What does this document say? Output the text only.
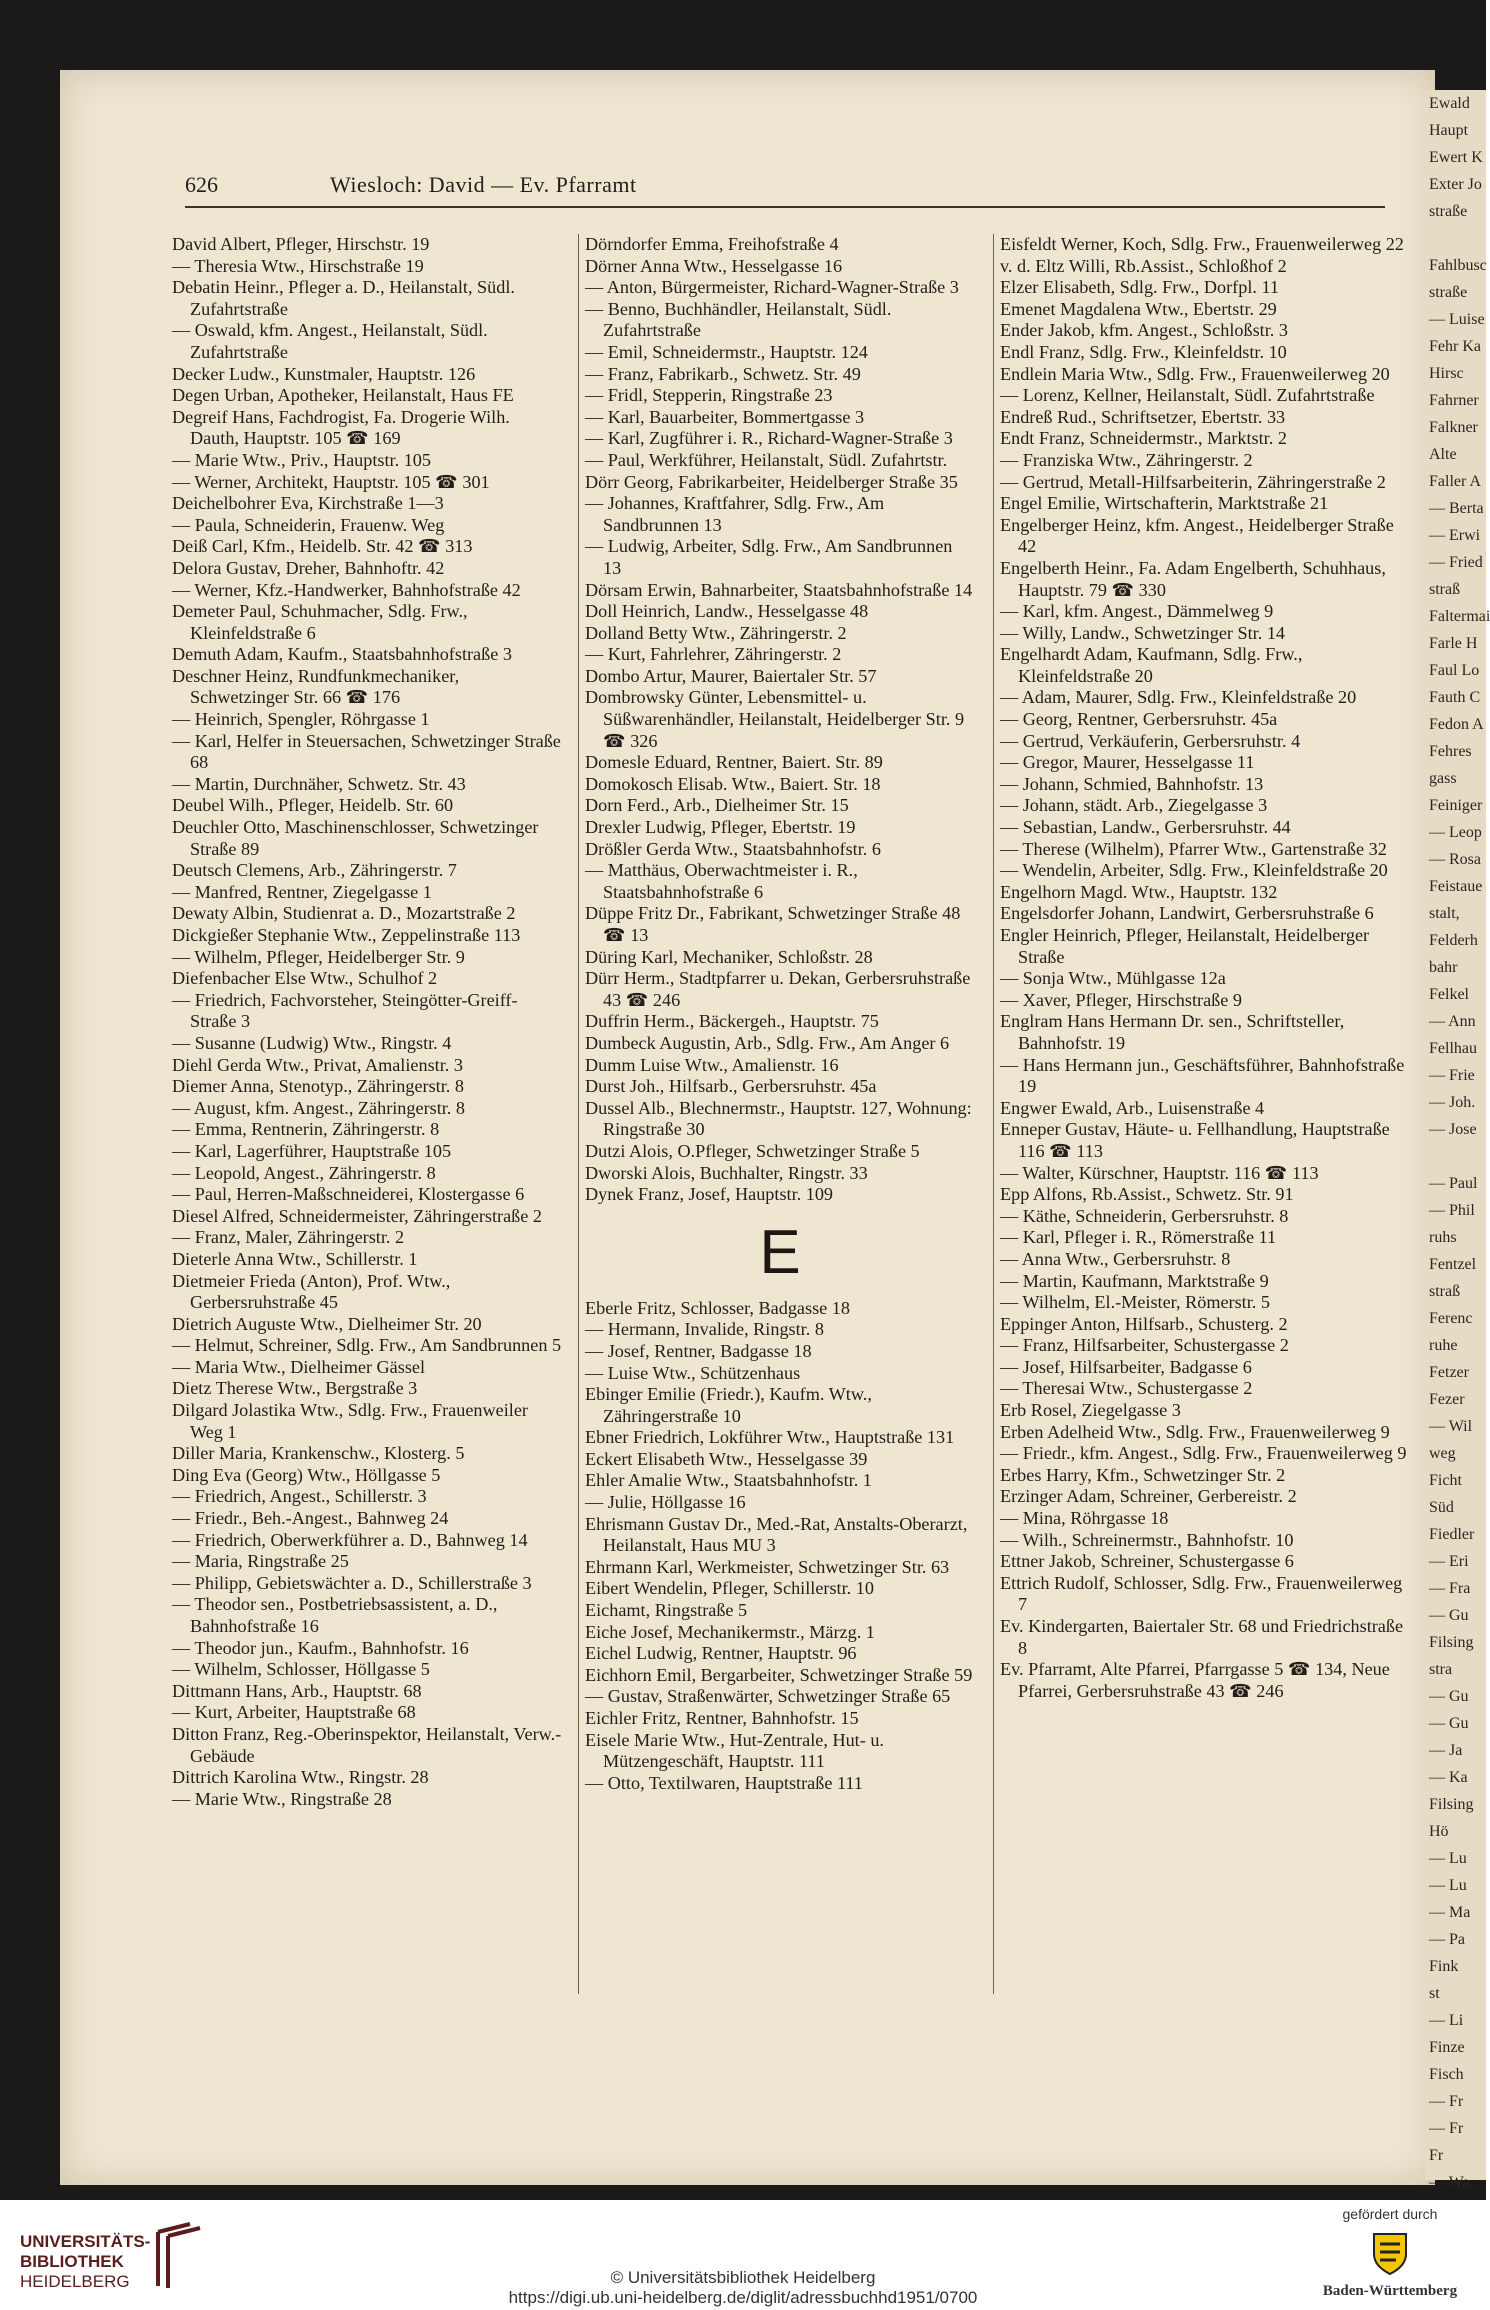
Ewald
Haupt
Ewert K
Exter Jo
straße

Fahlbusc
straße
— Luise
Fehr Ka
Hirsc
Fahrner
Falkner
Alte
Faller A
— Berta
— Erwi
— Fried
straß
Faltermai
Farle H
Faul Lo
Fauth C
Fedon A
Fehres
gass
Feiniger
— Leop
— Rosa
Feistaue
stalt,
Felderh
bahr
Felkel
— Ann
Fellhau
— Frie
— Joh.
— Jose

— Paul
— Phil
ruhs
Fentzel
straß
Ferenc
ruhe
Fetzer
Fezer
— Wil
weg
Ficht
Süd
Fiedler
— Eri
— Fra
— Gu
Filsing
stra
— Gu
— Gu
— Ja
— Ka
Filsing
Hö
— Lu
— Lu
— Ma
— Pa
Fink
st
— Li
Finze
Fisch
— Fr
— Fr
Fr
— Wa
626	Wiesloch: David — Ev. Pfarramt
David Albert, Pfleger, Hirschstr. 19
— Theresia Wtw., Hirschstraße 19
Debatin Heinr., Pfleger a. D., Heilanstalt, Südl. Zufahrtstraße
— Oswald, kfm. Angest., Heilanstalt, Südl. Zufahrtstraße
Decker Ludw., Kunstmaler, Hauptstr. 126
Degen Urban, Apotheker, Heilanstalt, Haus FE
Degreif Hans, Fachdrogist, Fa. Drogerie Wilh. Dauth, Hauptstr. 105 ☎ 169
— Marie Wtw., Priv., Hauptstr. 105
— Werner, Architekt, Hauptstr. 105 ☎ 301
Deichelbohrer Eva, Kirchstraße 1—3
— Paula, Schneiderin, Frauenw. Weg
Deiß Carl, Kfm., Heidelb. Str. 42 ☎ 313
Delora Gustav, Dreher, Bahnhoftr. 42
— Werner, Kfz.-Handwerker, Bahnhofstraße 42
Demeter Paul, Schuhmacher, Sdlg. Frw., Kleinfeldstraße 6
Demuth Adam, Kaufm., Staatsbahnhofstraße 3
Deschner Heinz, Rundfunkmechaniker, Schwetzinger Str. 66 ☎ 176
— Heinrich, Spengler, Röhrgasse 1
— Karl, Helfer in Steuersachen, Schwetzinger Straße 68
— Martin, Durchnäher, Schwetz. Str. 43
Deubel Wilh., Pfleger, Heidelb. Str. 60
Deuchler Otto, Maschinenschlosser, Schwetzinger Straße 89
Deutsch Clemens, Arb., Zähringerstr. 7
— Manfred, Rentner, Ziegelgasse 1
Dewaty Albin, Studienrat a. D., Mozartstraße 2
Dickgießer Stephanie Wtw., Zeppelinstraße 113
— Wilhelm, Pfleger, Heidelberger Str. 9
Diefenbacher Else Wtw., Schulhof 2
— Friedrich, Fachvorsteher, Steingötter-Greiff-Straße 3
— Susanne (Ludwig) Wtw., Ringstr. 4
Diehl Gerda Wtw., Privat, Amalienstr. 3
Diemer Anna, Stenotyp., Zähringerstr. 8
— August, kfm. Angest., Zähringerstr. 8
— Emma, Rentnerin, Zähringerstr. 8
— Karl, Lagerführer, Hauptstraße 105
— Leopold, Angest., Zähringerstr. 8
— Paul, Herren-Maßschneiderei, Klostergasse 6
Diesel Alfred, Schneidermeister, Zähringerstraße 2
— Franz, Maler, Zähringerstr. 2
Dieterle Anna Wtw., Schillerstr. 1
Dietmeier Frieda (Anton), Prof. Wtw., Gerbersruhstraße 45
Dietrich Auguste Wtw., Dielheimer Str. 20
— Helmut, Schreiner, Sdlg. Frw., Am Sandbrunnen 5
— Maria Wtw., Dielheimer Gässel
Dietz Therese Wtw., Bergstraße 3
Dilgard Jolastika Wtw., Sdlg. Frw., Frauenweiler Weg 1
Diller Maria, Krankenschw., Klosterg. 5
Ding Eva (Georg) Wtw., Höllgasse 5
— Friedrich, Angest., Schillerstr. 3
— Friedr., Beh.-Angest., Bahnweg 24
— Friedrich, Oberwerkführer a. D., Bahnweg 14
— Maria, Ringstraße 25
— Philipp, Gebietswächter a. D., Schillerstraße 3
— Theodor sen., Postbetriebsassistent, a. D., Bahnhofstraße 16
— Theodor jun., Kaufm., Bahnhofstr. 16
— Wilhelm, Schlosser, Höllgasse 5
Dittmann Hans, Arb., Hauptstr. 68
— Kurt, Arbeiter, Hauptstraße 68
Ditton Franz, Reg.-Oberinspektor, Heilanstalt, Verw.-Gebäude
Dittrich Karolina Wtw., Ringstr. 28
— Marie Wtw., Ringstraße 28
Dörndorfer Emma, Freihofstraße 4
Dörner Anna Wtw., Hesselgasse 16
— Anton, Bürgermeister, Richard-Wagner-Straße 3
— Benno, Buchhändler, Heilanstalt, Südl. Zufahrtstraße
— Emil, Schneidermstr., Hauptstr. 124
— Franz, Fabrikarb., Schwetz. Str. 49
— Fridl, Stepperin, Ringstraße 23
— Karl, Bauarbeiter, Bommertgasse 3
— Karl, Zugführer i. R., Richard-Wagner-Straße 3
— Paul, Werkführer, Heilanstalt, Südl. Zufahrtstr.
Dörr Georg, Fabrikarbeiter, Heidelberger Straße 35
— Johannes, Kraftfahrer, Sdlg. Frw., Am Sandbrunnen 13
— Ludwig, Arbeiter, Sdlg. Frw., Am Sandbrunnen 13
Dörsam Erwin, Bahnarbeiter, Staatsbahnhofstraße 14
Doll Heinrich, Landw., Hesselgasse 48
Dolland Betty Wtw., Zähringerstr. 2
— Kurt, Fahrlehrer, Zähringerstr. 2
Dombo Artur, Maurer, Baiertaler Str. 57
Dombrowsky Günter, Lebensmittel- u. Süßwarenhändler, Heilanstalt, Heidelberger Str. 9 ☎ 326
Domesle Eduard, Rentner, Baiert. Str. 89
Domokosch Elisab. Wtw., Baiert. Str. 18
Dorn Ferd., Arb., Dielheimer Str. 15
Drexler Ludwig, Pfleger, Ebertstr. 19
Drößler Gerda Wtw., Staatsbahnhofstr. 6
— Matthäus, Oberwachtmeister i. R., Staatsbahnhofstraße 6
Düppe Fritz Dr., Fabrikant, Schwetzinger Straße 48 ☎ 13
Düring Karl, Mechaniker, Schloßstr. 28
Dürr Herm., Stadtpfarrer u. Dekan, Gerbersruhstraße 43 ☎ 246
Duffrin Herm., Bäckergeh., Hauptstr. 75
Dumbeck Augustin, Arb., Sdlg. Frw., Am Anger 6
Dumm Luise Wtw., Amalienstr. 16
Durst Joh., Hilfsarb., Gerbersruhstr. 45a
Dussel Alb., Blechnermstr., Hauptstr. 127, Wohnung: Ringstraße 30
Dutzi Alois, O.Pfleger, Schwetzinger Straße 5
Dworski Alois, Buchhalter, Ringstr. 33
Dynek Franz, Josef, Hauptstr. 109
E
Eberle Fritz, Schlosser, Badgasse 18
— Hermann, Invalide, Ringstr. 8
— Josef, Rentner, Badgasse 18
— Luise Wtw., Schützenhaus
Ebinger Emilie (Friedr.), Kaufm. Wtw., Zähringerstraße 10
Ebner Friedrich, Lokführer Wtw., Hauptstraße 131
Eckert Elisabeth Wtw., Hesselgasse 39
Ehler Amalie Wtw., Staatsbahnhofstr. 1
— Julie, Höllgasse 16
Ehrismann Gustav Dr., Med.-Rat, Anstalts-Oberarzt, Heilanstalt, Haus MU 3
Ehrmann Karl, Werkmeister, Schwetzinger Str. 63
Eibert Wendelin, Pfleger, Schillerstr. 10
Eichamt, Ringstraße 5
Eiche Josef, Mechanikermstr., Märzg. 1
Eichel Ludwig, Rentner, Hauptstr. 96
Eichhorn Emil, Bergarbeiter, Schwetzinger Straße 59
— Gustav, Straßenwärter, Schwetzinger Straße 65
Eichler Fritz, Rentner, Bahnhofstr. 15
Eisele Marie Wtw., Hut-Zentrale, Hut- u. Mützengeschäft, Hauptstr. 111
— Otto, Textilwaren, Hauptstraße 111
Eisfeldt Werner, Koch, Sdlg. Frw., Frauenweilerweg 22
v. d. Eltz Willi, Rb.Assist., Schloßhof 2
Elzer Elisabeth, Sdlg. Frw., Dorfpl. 11
Emenet Magdalena Wtw., Ebertstr. 29
Ender Jakob, kfm. Angest., Schloßstr. 3
Endl Franz, Sdlg. Frw., Kleinfeldstr. 10
Endlein Maria Wtw., Sdlg. Frw., Frauenweilerweg 20
— Lorenz, Kellner, Heilanstalt, Südl. Zufahrtstraße
Endreß Rud., Schriftsetzer, Ebertstr. 33
Endt Franz, Schneidermstr., Marktstr. 2
— Franziska Wtw., Zähringerstr. 2
— Gertrud, Metall-Hilfsarbeiterin, Zähringerstraße 2
Engel Emilie, Wirtschafterin, Marktstraße 21
Engelberger Heinz, kfm. Angest., Heidelberger Straße 42
Engelberth Heinr., Fa. Adam Engelberth, Schuhhaus, Hauptstr. 79 ☎ 330
— Karl, kfm. Angest., Dämmelweg 9
— Willy, Landw., Schwetzinger Str. 14
Engelhardt Adam, Kaufmann, Sdlg. Frw., Kleinfeldstraße 20
— Adam, Maurer, Sdlg. Frw., Kleinfeldstraße 20
— Georg, Rentner, Gerbersruhstr. 45a
— Gertrud, Verkäuferin, Gerbersruhstr. 4
— Gregor, Maurer, Hesselgasse 11
— Johann, Schmied, Bahnhofstr. 13
— Johann, städt. Arb., Ziegelgasse 3
— Sebastian, Landw., Gerbersruhstr. 44
— Therese (Wilhelm), Pfarrer Wtw., Gartenstraße 32
— Wendelin, Arbeiter, Sdlg. Frw., Kleinfeldstraße 20
Engelhorn Magd. Wtw., Hauptstr. 132
Engelsdorfer Johann, Landwirt, Gerbersruhstraße 6
Engler Heinrich, Pfleger, Heilanstalt, Heidelberger Straße
— Sonja Wtw., Mühlgasse 12a
— Xaver, Pfleger, Hirschstraße 9
Englram Hans Hermann Dr. sen., Schriftsteller, Bahnhofstr. 19
— Hans Hermann jun., Geschäftsführer, Bahnhofstraße 19
Engwer Ewald, Arb., Luisenstraße 4
Enneper Gustav, Häute- u. Fellhandlung, Hauptstraße 116 ☎ 113
— Walter, Kürschner, Hauptstr. 116 ☎ 113
Epp Alfons, Rb.Assist., Schwetz. Str. 91
— Käthe, Schneiderin, Gerbersruhstr. 8
— Karl, Pfleger i. R., Römerstraße 11
— Anna Wtw., Gerbersruhstr. 8
— Martin, Kaufmann, Marktstraße 9
— Wilhelm, El.-Meister, Römerstr. 5
Eppinger Anton, Hilfsarb., Schusterg. 2
— Franz, Hilfsarbeiter, Schustergasse 2
— Josef, Hilfsarbeiter, Badgasse 6
— Theresai Wtw., Schustergasse 2
Erb Rosel, Ziegelgasse 3
Erben Adelheid Wtw., Sdlg. Frw., Frauenweilerweg 9
— Friedr., kfm. Angest., Sdlg. Frw., Frauenweilerweg 9
Erbes Harry, Kfm., Schwetzinger Str. 2
Erzinger Adam, Schreiner, Gerbereistr. 2
— Mina, Röhrgasse 18
— Wilh., Schreinermstr., Bahnhofstr. 10
Ettner Jakob, Schreiner, Schustergasse 6
Ettrich Rudolf, Schlosser, Sdlg. Frw., Frauenweilerweg 7
Ev. Kindergarten, Baiertaler Str. 68 und Friedrichstraße 8
Ev. Pfarramt, Alte Pfarrei, Pfarrgasse 5 ☎ 134, Neue Pfarrei, Gerbersruhstraße 43 ☎ 246
UNIVERSITÄTS-
BIBLIOTHEK
HEIDELBERG	© Universitätsbibliothek Heidelberg
https://digi.ub.uni-heidelberg.de/diglit/adressbuchhd1951/0700
gefördert durch
Baden-Württemberg
